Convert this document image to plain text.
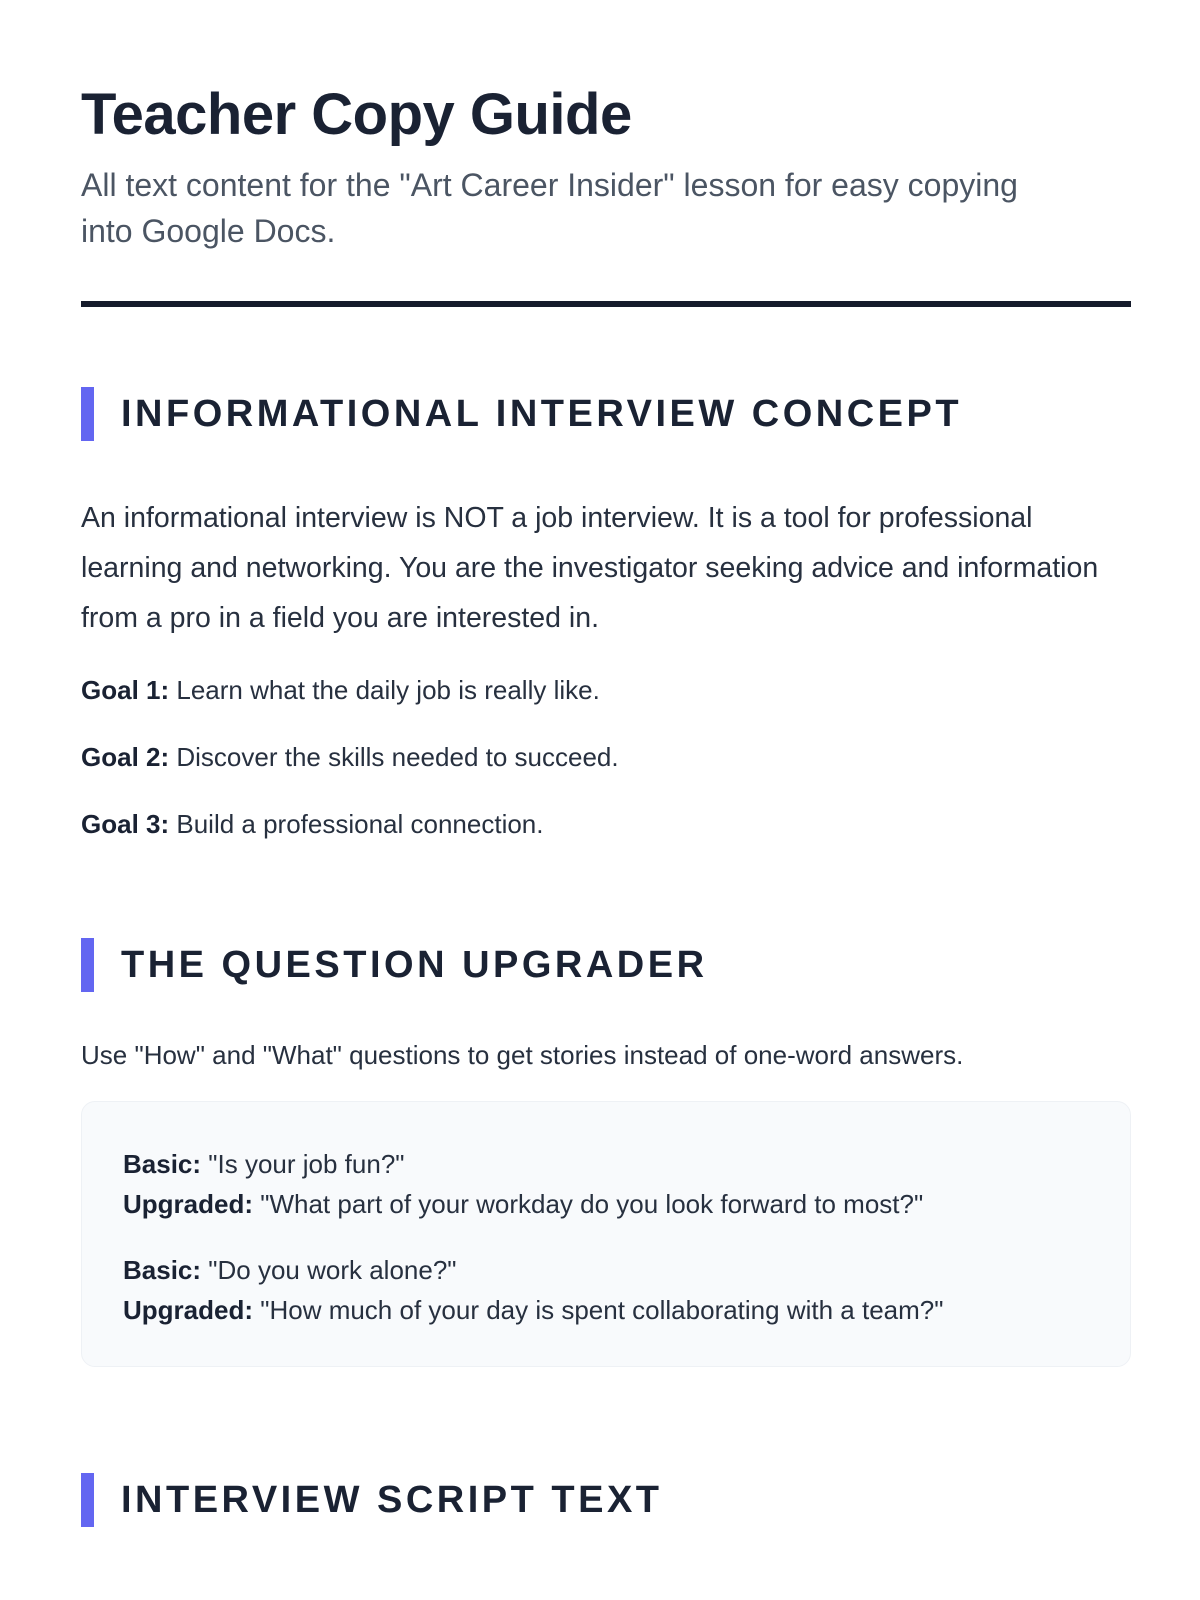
Teacher Copy Guide

All text content for the "Art Career Insider" lesson for easy copying into Google Docs.

INFORMATIONAL INTERVIEW CONCEPT

An informational interview is NOT a job interview. It is a tool for professional learning and networking. You are the investigator seeking advice and information from a pro in a field you are interested in.

Goal 1: Learn what the daily job is really like.

Goal 2: Discover the skills needed to succeed.

Goal 3: Build a professional connection.

THE QUESTION UPGRADER

Use "How" and "What" questions to get stories instead of one-word answers.

Basic: "Is your job fun?"
Upgraded: "What part of your workday do you look forward to most?"
Basic: "Do you work alone?"
Upgraded: "How much of your day is spent collaborating with a team?"
INTERVIEW SCRIPT TEXT
